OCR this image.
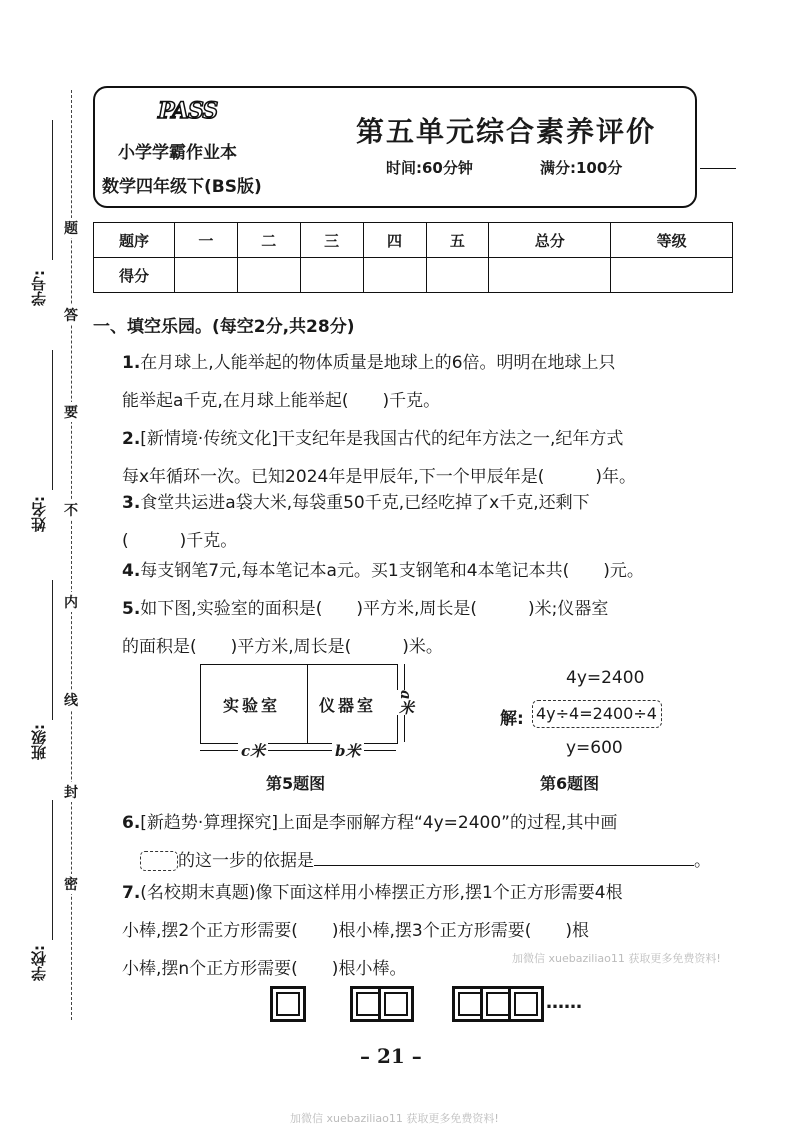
学号:
姓名:
班级:
学校:
题
答
要
不
内
线
封
密
PASS
小学学霸作业本
数学四年级下(BS版)
第五单元综合素养评价
时间:60分钟	满分:100分
题序	一	二	三	四	五	总分	等级
得分							
一、填空乐园。(每空2分,共28分)
1.在月球上,人能举起的物体质量是地球上的6倍。明明在地球上只
能举起a千克,在月球上能举起(　　)千克。
2.[新情境·传统文化]干支纪年是我国古代的纪年方法之一,纪年方式
每x年循环一次。已知2024年是甲辰年,下一个甲辰年是(　　　)年。
3.食堂共运进a袋大米,每袋重50千克,已经吃掉了x千克,还剩下
(　　　)千克。
4.每支钢笔7元,每本笔记本a元。买1支钢笔和4本笔记本共(　　)元。
5.如下图,实验室的面积是(　　)平方米,周长是(　　　)米;仪器室
的面积是(　　)平方米,周长是(　　　)米。
实验室 仪器室
c米	b米
a米
第5题图
4y=2400
解: 4y÷4=2400÷4
y=600
第6题图
6.[新趋势·算理探究]上面是李丽解方程“4y=2400”的过程,其中画
的这一步的依据是	。
7.(名校期末真题)像下面这样用小棒摆正方形,摆1个正方形需要4根
小棒,摆2个正方形需要(　　)根小棒,摆3个正方形需要(　　)根
小棒,摆n个正方形需要(　　)根小棒。
加微信 xuebaziliao11 获取更多免费资料!
……
– 21 –
加微信 xuebaziliao11 获取更多免费资料!
